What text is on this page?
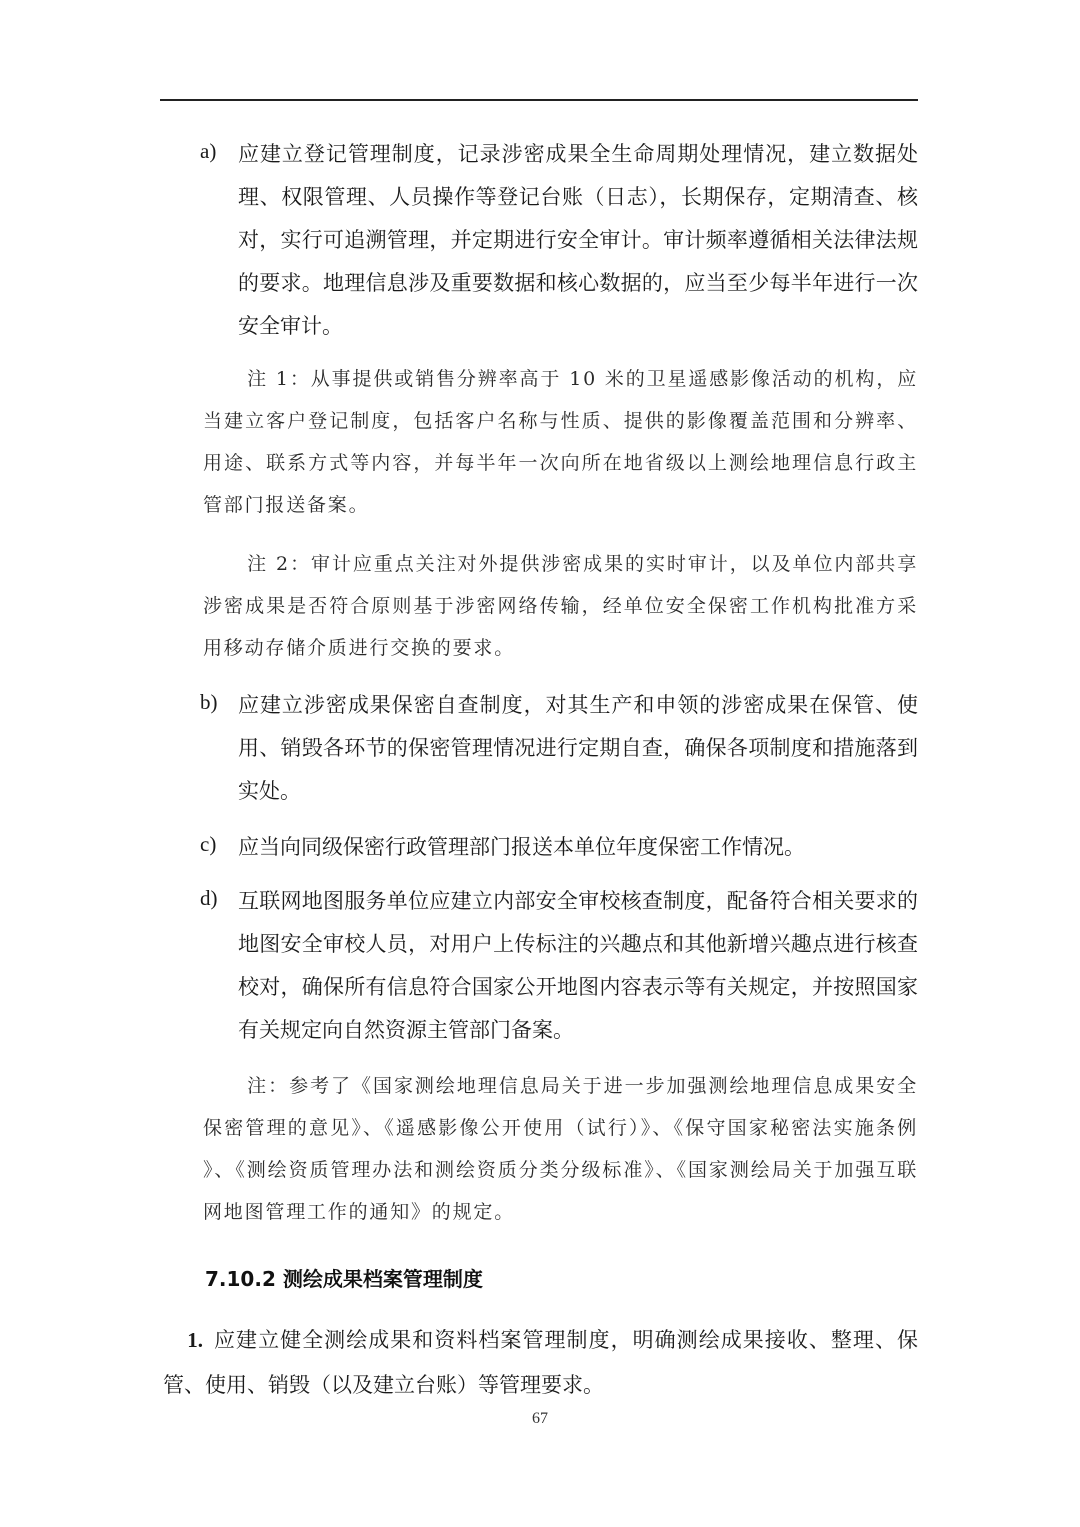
a) 应建立登记管理制度，记录涉密成果全生命周期处理情况，建立数据处理、权限管理、人员操作等登记台账（日志），长期保存，定期清查、核对，实行可追溯管理，并定期进行安全审计。审计频率遵循相关法律法规的要求。地理信息涉及重要数据和核心数据的，应当至少每半年进行一次安全审计。
注 1：从事提供或销售分辨率高于 10 米的卫星遥感影像活动的机构，应当建立客户登记制度，包括客户名称与性质、提供的影像覆盖范围和分辨率、用途、联系方式等内容，并每半年一次向所在地省级以上测绘地理信息行政主管部门报送备案。
注 2：审计应重点关注对外提供涉密成果的实时审计，以及单位内部共享涉密成果是否符合原则基于涉密网络传输，经单位安全保密工作机构批准方采用移动存储介质进行交换的要求。
b) 应建立涉密成果保密自查制度，对其生产和申领的涉密成果在保管、使用、销毁各环节的保密管理情况进行定期自查，确保各项制度和措施落到实处。
c) 应当向同级保密行政管理部门报送本单位年度保密工作情况。
d) 互联网地图服务单位应建立内部安全审校核查制度，配备符合相关要求的地图安全审校人员，对用户上传标注的兴趣点和其他新增兴趣点进行核查校对，确保所有信息符合国家公开地图内容表示等有关规定，并按照国家有关规定向自然资源主管部门备案。
注：参考了《国家测绘地理信息局关于进一步加强测绘地理信息成果安全保密管理的意见》、《遥感影像公开使用（试行）》、《保守国家秘密法实施条例 》、《测绘资质管理办法和测绘资质分类分级标准》、《国家测绘局关于加强互联网地图管理工作的通知》的规定。
7.10.2 测绘成果档案管理制度
1. 应建立健全测绘成果和资料档案管理制度，明确测绘成果接收、整理、保管、使用、销毁（以及建立台账）等管理要求。
67
